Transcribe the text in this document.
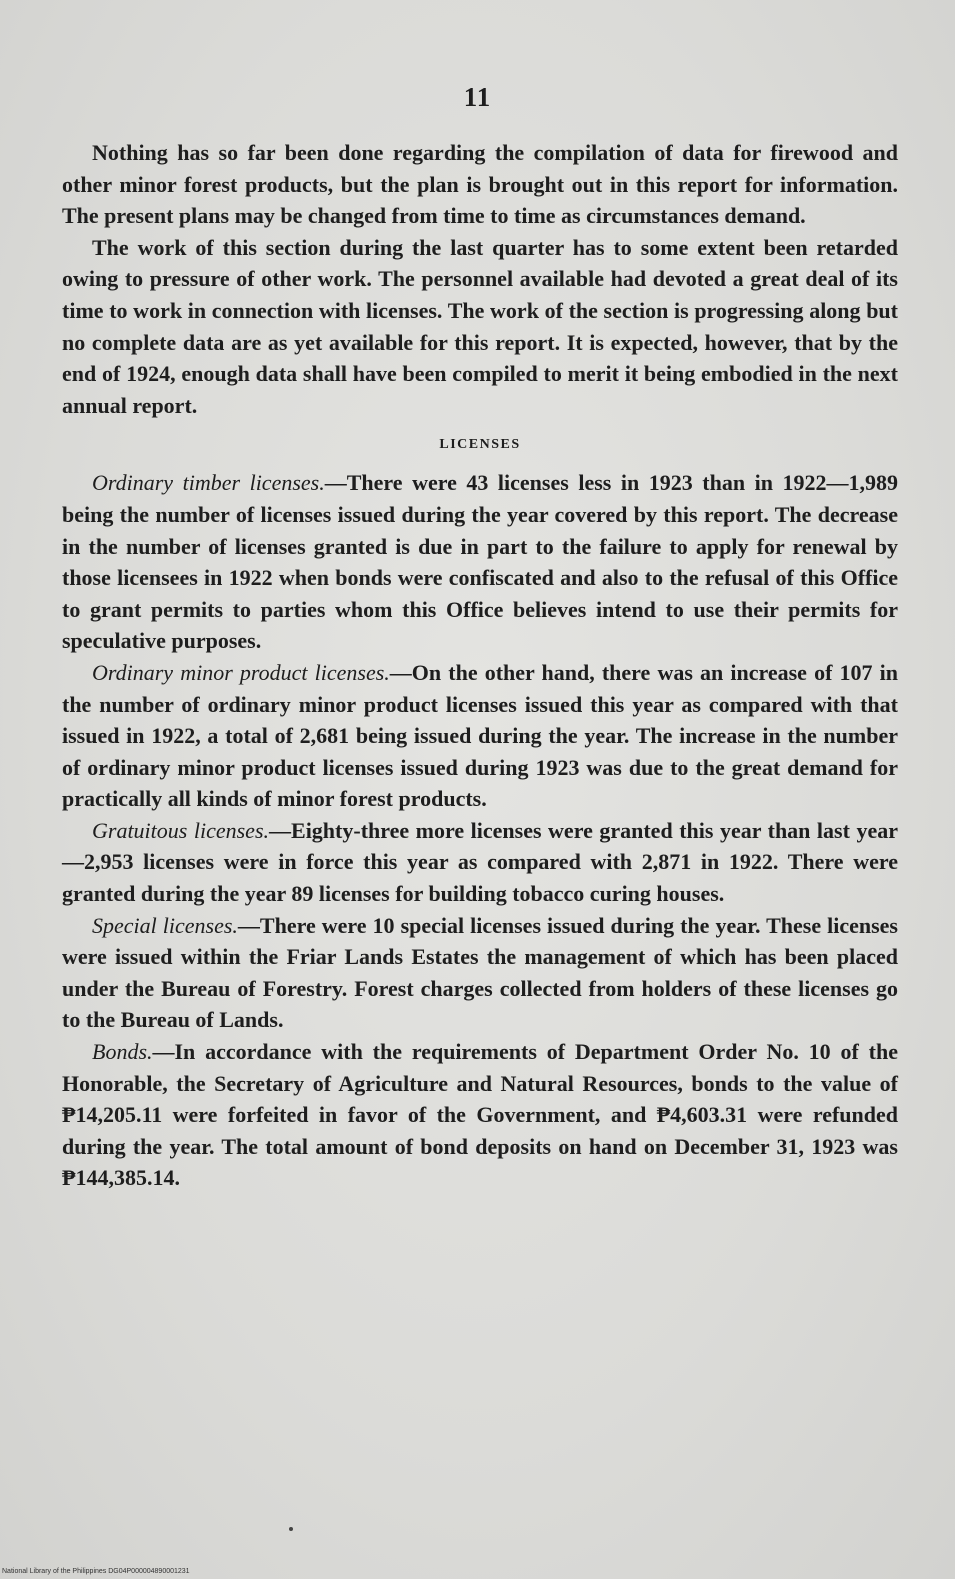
11

Nothing has so far been done regarding the compilation of data for firewood and other minor forest products, but the plan is brought out in this report for information. The present plans may be changed from time to time as circumstances demand.

The work of this section during the last quarter has to some extent been retarded owing to pressure of other work. The personnel available had devoted a great deal of its time to work in connection with licenses. The work of the section is progressing along but no complete data are as yet available for this report. It is expected, however, that by the end of 1924, enough data shall have been compiled to merit it being embodied in the next annual report.

LICENSES

Ordinary timber licenses.—There were 43 licenses less in 1923 than in 1922—1,989 being the number of licenses issued during the year covered by this report. The decrease in the number of licenses granted is due in part to the failure to apply for renewal by those licensees in 1922 when bonds were confiscated and also to the refusal of this Office to grant permits to parties whom this Office believes intend to use their permits for speculative purposes.

Ordinary minor product licenses.—On the other hand, there was an increase of 107 in the number of ordinary minor product licenses issued this year as compared with that issued in 1922, a total of 2,681 being issued during the year. The increase in the number of ordinary minor product licenses issued during 1923 was due to the great demand for practically all kinds of minor forest products.

Gratuitous licenses.—Eighty-three more licenses were granted this year than last year—2,953 licenses were in force this year as compared with 2,871 in 1922. There were granted during the year 89 licenses for building tobacco curing houses.

Special licenses.—There were 10 special licenses issued during the year. These licenses were issued within the Friar Lands Estates the management of which has been placed under the Bureau of Forestry. Forest charges collected from holders of these licenses go to the Bureau of Lands.

Bonds.—In accordance with the requirements of Department Order No. 10 of the Honorable, the Secretary of Agriculture and Natural Resources, bonds to the value of ₱14,205.11 were forfeited in favor of the Government, and ₱4,603.31 were refunded during the year. The total amount of bond deposits on hand on December 31, 1923 was ₱144,385.14.

National Library of the Philippines DG04P000004890001231
